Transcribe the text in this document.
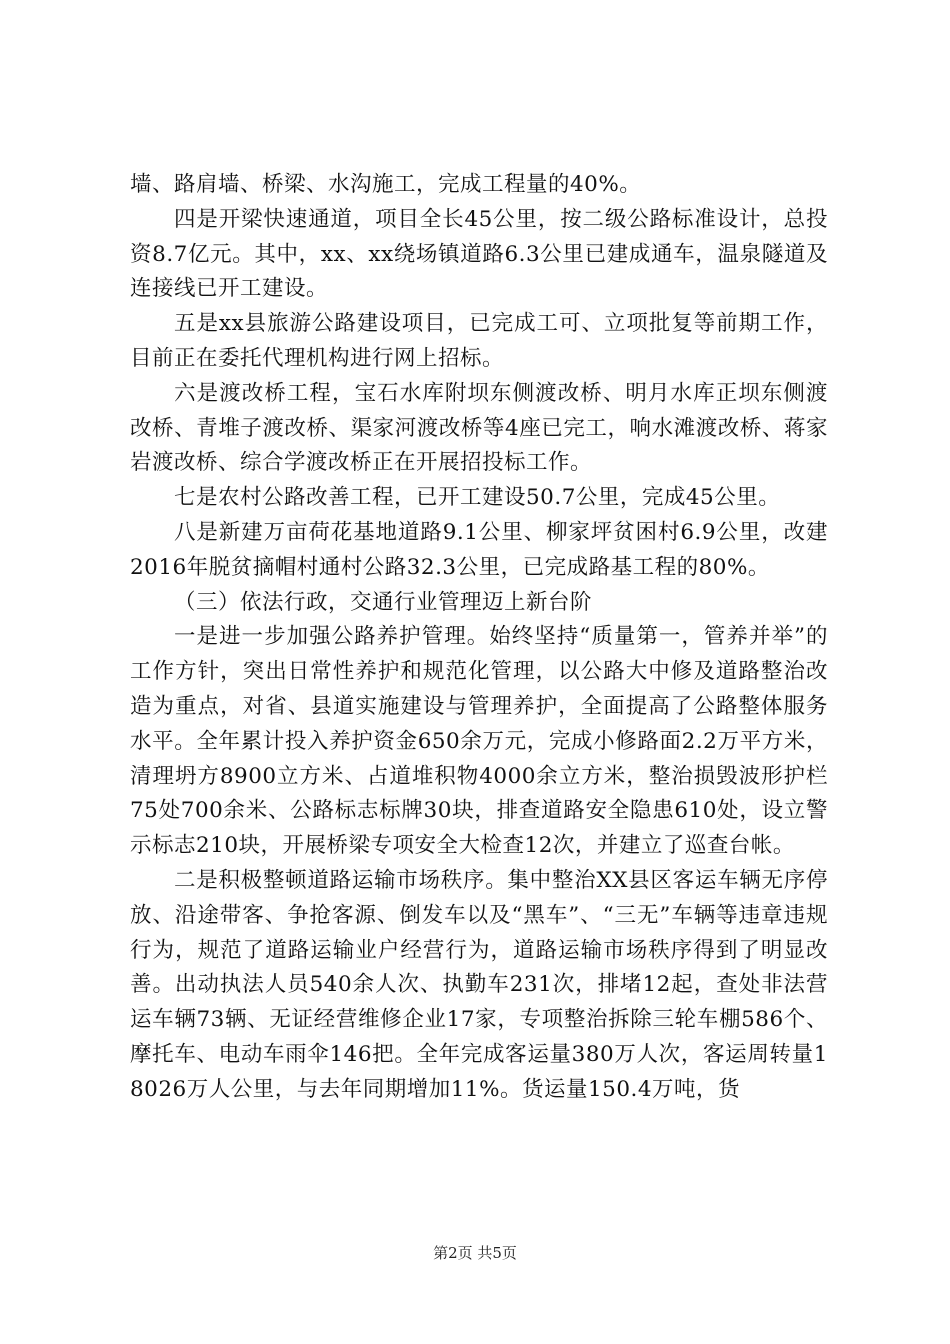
墙、路肩墙、桥梁、水沟施工，完成工程量的40%。

四是开梁快速通道，项目全长45公里，按二级公路标准设计，总投资8.7亿元。其中，xx、xx绕场镇道路6.3公里已建成通车，温泉隧道及连接线已开工建设。

五是xx县旅游公路建设项目，已完成工可、立项批复等前期工作，目前正在委托代理机构进行网上招标。

六是渡改桥工程，宝石水库附坝东侧渡改桥、明月水库正坝东侧渡改桥、青堆子渡改桥、渠家河渡改桥等4座已完工，响水滩渡改桥、蒋家岩渡改桥、综合学渡改桥正在开展招投标工作。

七是农村公路改善工程，已开工建设50.7公里，完成45公里。

八是新建万亩荷花基地道路9.1公里、柳家坪贫困村6.9公里，改建2016年脱贫摘帽村通村公路32.3公里，已完成路基工程的80%。

（三）依法行政，交通行业管理迈上新台阶

一是进一步加强公路养护管理。始终坚持“质量第一，管养并举”的工作方针，突出日常性养护和规范化管理，以公路大中修及道路整治改造为重点，对省、县道实施建设与管理养护，全面提高了公路整体服务水平。全年累计投入养护资金650余万元，完成小修路面2.2万平方米，清理坍方8900立方米、占道堆积物4000余立方米，整治损毁波形护栏75处700余米、公路标志标牌30块，排查道路安全隐患610处，设立警示标志210块，开展桥梁专项安全大检查12次，并建立了巡查台帐。

二是积极整顿道路运输市场秩序。集中整治XX县区客运车辆无序停放、沿途带客、争抢客源、倒发车以及“黑车”、“三无”车辆等违章违规行为，规范了道路运输业户经营行为，道路运输市场秩序得到了明显改善。出动执法人员540余人次、执勤车231次，排堵12起，查处非法营运车辆73辆、无证经营维修企业17家，专项整治拆除三轮车棚586个、摩托车、电动车雨伞146把。全年完成客运量380万人次，客运周转量18026万人公里，与去年同期增加11%。货运量150.4万吨，货

第2页 共5页
